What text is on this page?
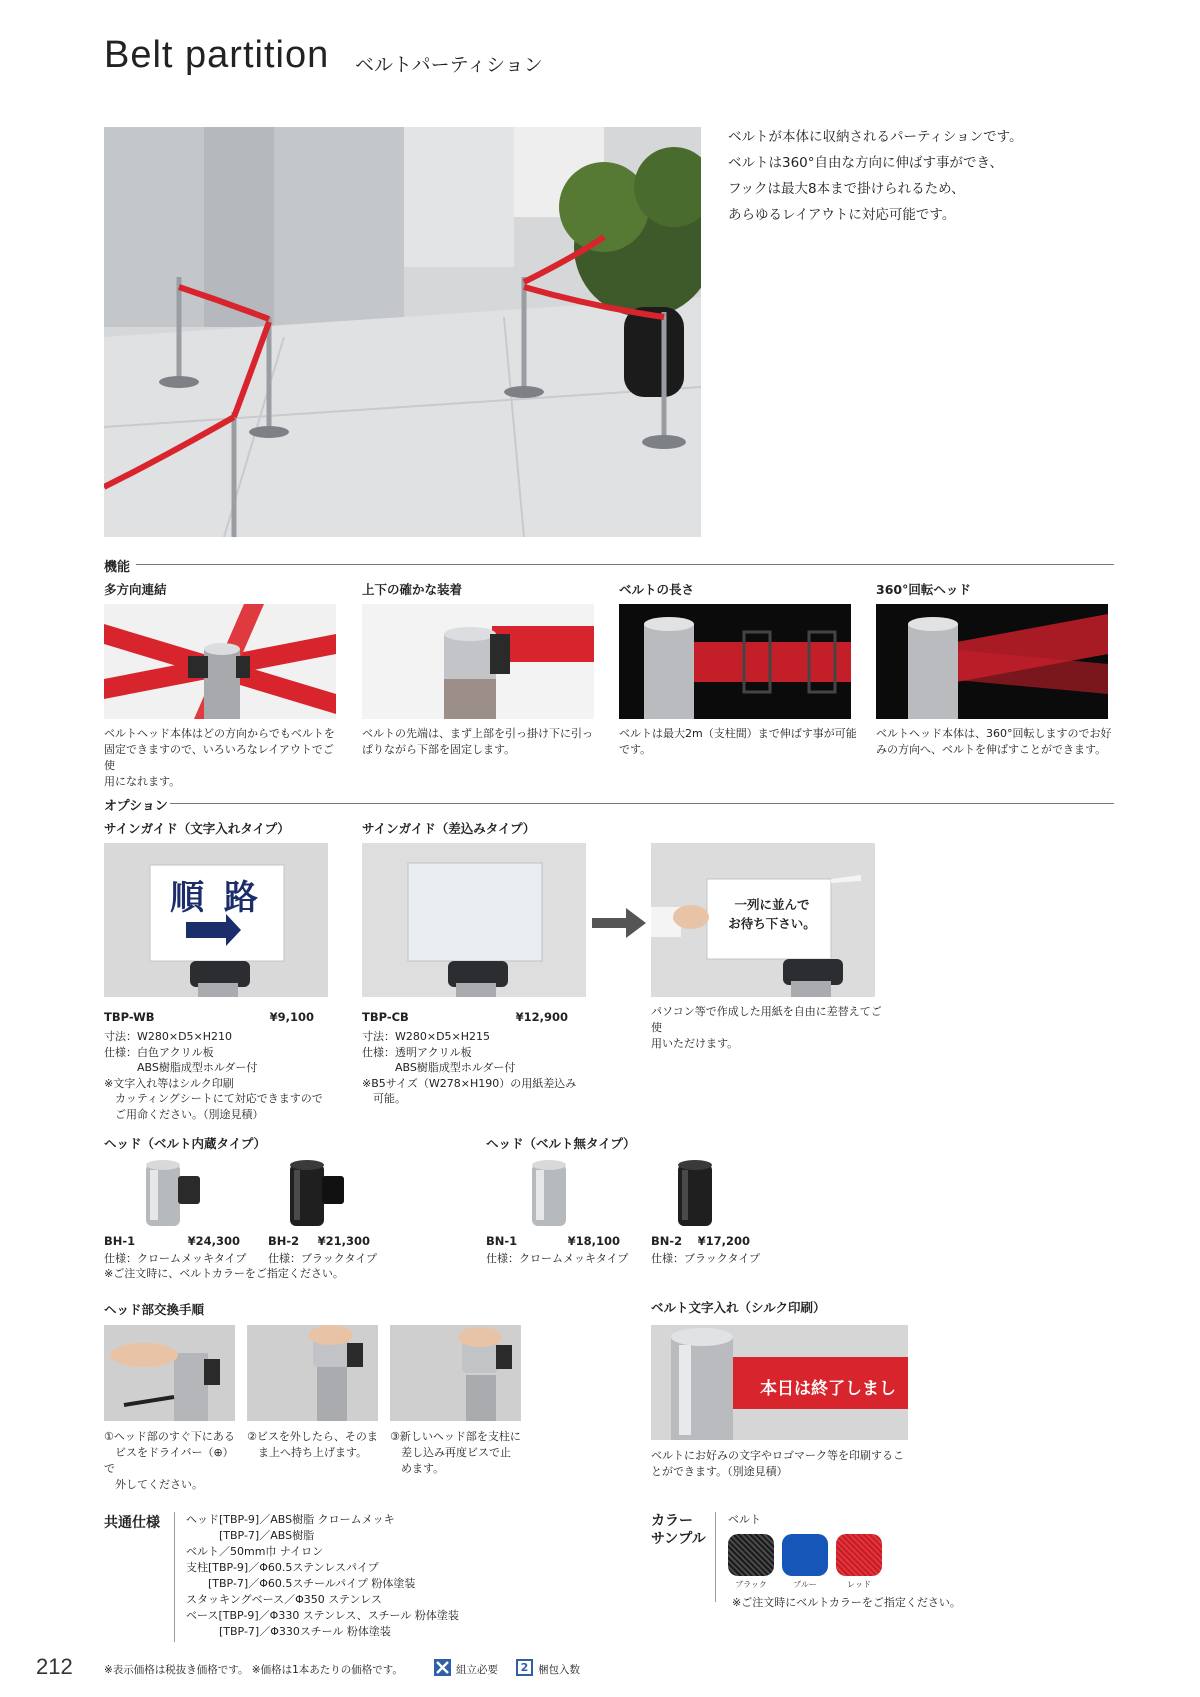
Belt partition ベルトパーティション
ベルトが本体に収納されるパーティションです。
ベルトは360°自由な方向に伸ばす事ができ、
フックは最大8本まで掛けられるため、
あらゆるレイアウトに対応可能です。
機能
多方向連結	上下の確かな装着	ベルトの長さ	360°回転ヘッド
ベルトヘッド本体はどの方向からでもベルトを
固定できますので、いろいろなレイアウトでご使
用になれます。
ベルトの先端は、まず上部を引っ掛け下に引っ
ぱりながら下部を固定します。
ベルトは最大2m（支柱間）まで伸ばす事が可能
です。
ベルトヘッド本体は、360°回転しますのでお好
みの方向へ、ベルトを伸ばすことができます。
オプション
サインガイド（文字入れタイプ）	サインガイド（差込みタイプ）
順 路	一列に並んで
お待ち下さい。
TBP-WB	¥9,100
寸法：W280×D5×H210
仕様：白色アクリル板
　　　ABS樹脂成型ホルダー付
※文字入れ等はシルク印刷
　カッティングシートにて対応できますので
　ご用命ください。（別途見積）
TBP-CB	¥12,900
寸法：W280×D5×H215
仕様：透明アクリル板
　　　ABS樹脂成型ホルダー付
※B5サイズ（W278×H190）の用紙差込み
　可能。
パソコン等で作成した用紙を自由に差替えてご使
用いただけます。
ヘッド（ベルト内蔵タイプ）	ヘッド（ベルト無タイプ）
BH-1	¥24,300
仕様：クロームメッキタイプ
BH-2	¥21,300
仕様：ブラックタイプ
※ご注文時に、ベルトカラーをご指定ください。
BN-1	¥18,100
仕様：クロームメッキタイプ
BN-2	¥17,200
仕様：ブラックタイプ
ヘッド部交換手順
①ヘッド部のすぐ下にある
　ビスをドライバー（⊕）で
　外してください。
②ビスを外したら、そのま
　ま上へ持ち上げます。
③新しいヘッド部を支柱に
　差し込み再度ビスで止
　めます。
ベルト文字入れ（シルク印刷）
本日は終了しまし
ベルトにお好みの文字やロゴマーク等を印刷するこ
とができます。（別途見積）
共通仕様 ヘッド[TBP-9]／ABS樹脂 クロームメッキ
　　　[TBP-7]／ABS樹脂
ベルト／50mm巾 ナイロン
支柱[TBP-9]／Φ60.5ステンレスパイプ
　　[TBP-7]／Φ60.5スチールパイプ 粉体塗装
スタッキングベース／Φ350 ステンレス
ベース[TBP-9]／Φ330 ステンレス、スチール 粉体塗装
　　　[TBP-7]／Φ330スチール 粉体塗装
カラー
サンプル
ベルト
ブラック	ブルー	レッド
※ご注文時にベルトカラーをご指定ください。
212	※表示価格は税抜き価格です。 ※価格は1本あたりの価格です。	組立必要	2 梱包入数
